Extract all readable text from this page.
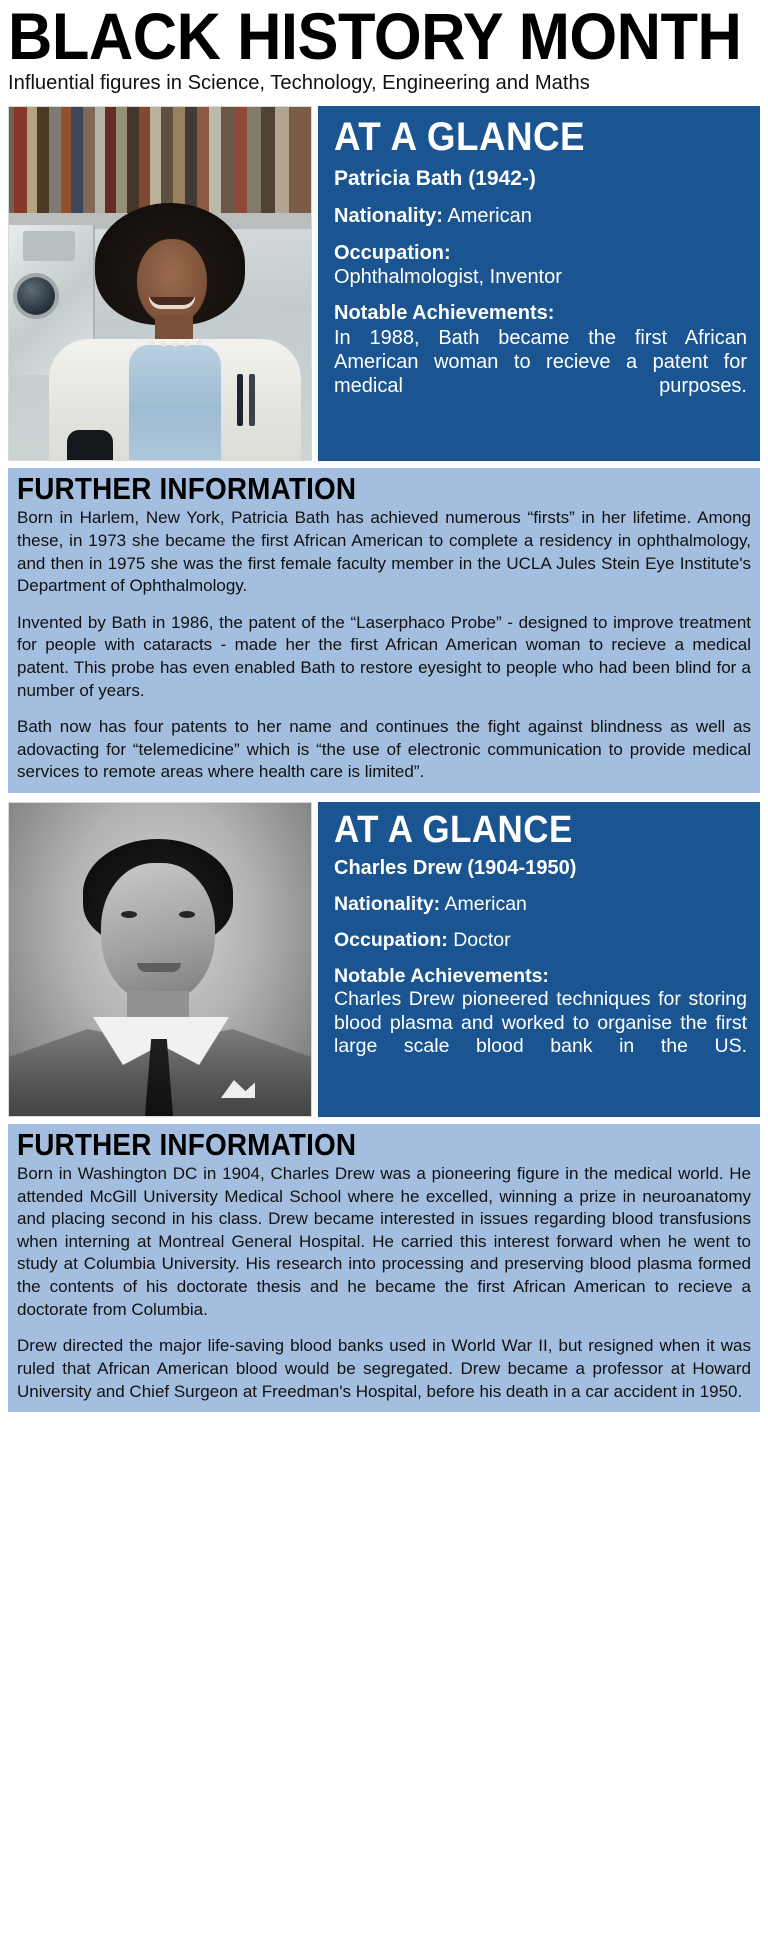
BLACK HISTORY MONTH
Influential figures in Science, Technology, Engineering and Maths
AT A GLANCE
Patricia Bath (1942-)
Nationality: American
Occupation:
Ophthalmologist, Inventor
Notable Achievements:
In 1988, Bath became the first African American woman to recieve a patent for medical purposes.
FURTHER INFORMATION

Born in Harlem, New York, Patricia Bath has achieved numerous “firsts” in her lifetime. Among these, in 1973 she became the first African American to complete a residency in ophthalmology, and then in 1975 she was the first female faculty member in the UCLA Jules Stein Eye Institute's Department of Ophthalmology.

Invented by Bath in 1986, the patent of the “Laserphaco Probe” - designed to improve treatment for people with cataracts - made her the first African American woman to recieve a medical patent. This probe has even enabled Bath to restore eyesight to people who had been blind for a number of years.

Bath now has four patents to her name and continues the fight against blindness as well as adovacting for “telemedicine” which is “the use of electronic communication to provide medical services to remote areas where health care is limited”.

AT A GLANCE
Charles Drew (1904-1950)
Nationality: American
Occupation: Doctor
Notable Achievements:
Charles Drew pioneered techniques for storing blood plasma and worked to organise the first large scale blood bank in the US.
FURTHER INFORMATION

Born in Washington DC in 1904, Charles Drew was a pioneering figure in the medical world. He attended McGill University Medical School where he excelled, winning a prize in neuroanatomy and placing second in his class. Drew became interested in issues regarding blood transfusions when interning at Montreal General Hospital. He carried this interest forward when he went to study at Columbia University. His research into processing and preserving blood plasma formed the contents of his doctorate thesis and he became the first African American to recieve a doctorate from Columbia.

Drew directed the major life-saving blood banks used in World War II, but resigned when it was ruled that African American blood would be segregated. Drew became a professor at Howard University and Chief Surgeon at Freedman's Hospital, before his death in a car accident in 1950.
